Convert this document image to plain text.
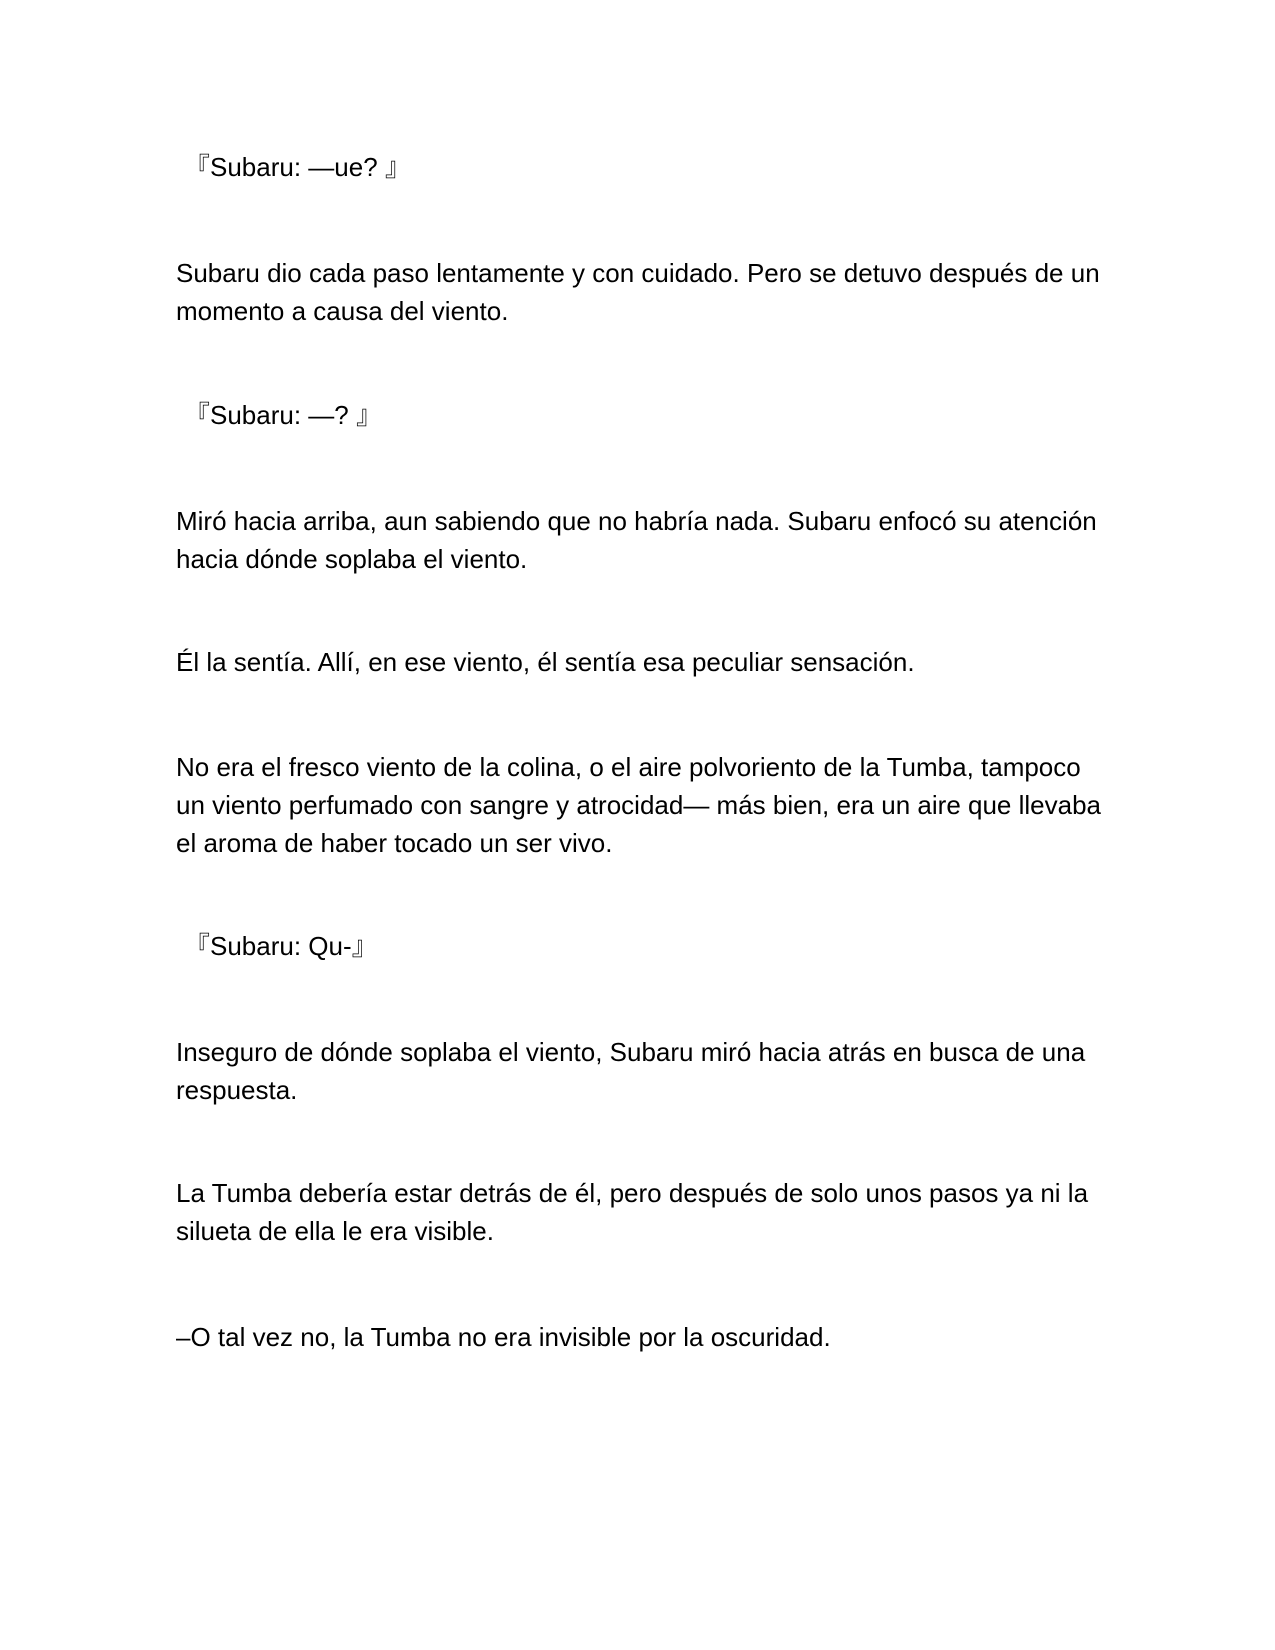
『Subaru: —ue? 』

Subaru dio cada paso lentamente y con cuidado. Pero se detuvo después de un momento a causa del viento.

『Subaru: —? 』

Miró hacia arriba, aun sabiendo que no habría nada. Subaru enfocó su atención hacia dónde soplaba el viento.

Él la sentía. Allí, en ese viento, él sentía esa peculiar sensación.

No era el fresco viento de la colina, o el aire polvoriento de la Tumba, tampoco un viento perfumado con sangre y atrocidad— más bien, era un aire que llevaba el aroma de haber tocado un ser vivo.

『Subaru: Qu-』

Inseguro de dónde soplaba el viento, Subaru miró hacia atrás en busca de una respuesta.

La Tumba debería estar detrás de él, pero después de solo unos pasos ya ni la silueta de ella le era visible.

–O tal vez no, la Tumba no era invisible por la oscuridad.
